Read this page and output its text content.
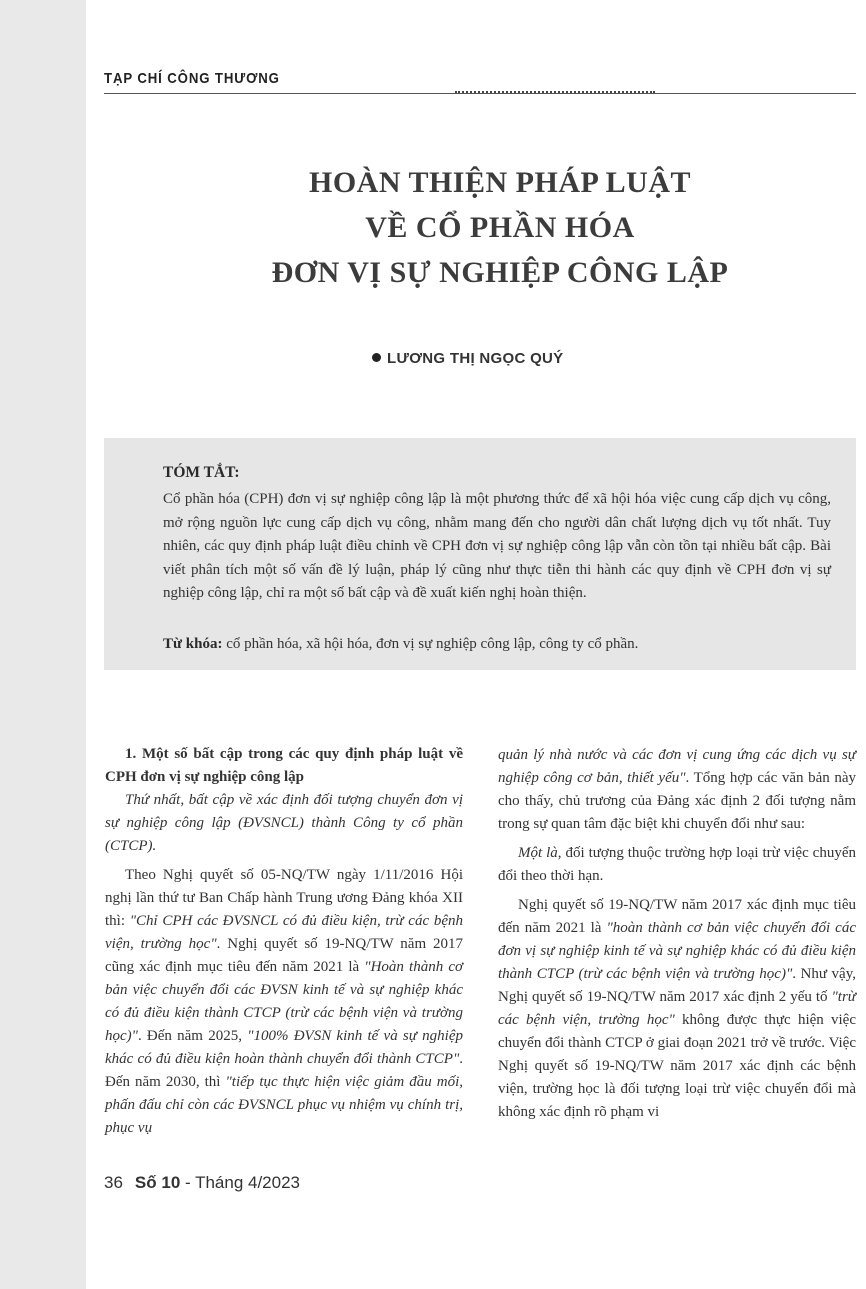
TẠP CHÍ CÔNG THƯƠNG
HOÀN THIỆN PHÁP LUẬT
VỀ CỔ PHẦN HÓA
ĐƠN VỊ SỰ NGHIỆP CÔNG LẬP
LƯƠNG THỊ NGỌC QUÝ
TÓM TẮT:

Cổ phần hóa (CPH) đơn vị sự nghiệp công lập là một phương thức để xã hội hóa việc cung cấp dịch vụ công, mở rộng nguồn lực cung cấp dịch vụ công, nhằm mang đến cho người dân chất lượng dịch vụ tốt nhất. Tuy nhiên, các quy định pháp luật điều chỉnh về CPH đơn vị sự nghiệp công lập vẫn còn tồn tại nhiều bất cập. Bài viết phân tích một số vấn đề lý luận, pháp lý cũng như thực tiễn thi hành các quy định về CPH đơn vị sự nghiệp công lập, chỉ ra một số bất cập và đề xuất kiến nghị hoàn thiện.

Từ khóa: cổ phần hóa, xã hội hóa, đơn vị sự nghiệp công lập, công ty cổ phần.

1. Một số bất cập trong các quy định pháp luật về CPH đơn vị sự nghiệp công lập

Thứ nhất, bất cập về xác định đối tượng chuyển đơn vị sự nghiệp công lập (ĐVSNCL) thành Công ty cổ phần (CTCP).

Theo Nghị quyết số 05-NQ/TW ngày 1/11/2016 Hội nghị lần thứ tư Ban Chấp hành Trung ương Đảng khóa XII thì: "Chỉ CPH các ĐVSNCL có đủ điều kiện, trừ các bệnh viện, trường học". Nghị quyết số 19-NQ/TW năm 2017 cũng xác định mục tiêu đến năm 2021 là "Hoàn thành cơ bản việc chuyển đổi các ĐVSN kinh tế và sự nghiệp khác có đủ điều kiện thành CTCP (trừ các bệnh viện và trường học)". Đến năm 2025, "100% ĐVSN kinh tế và sự nghiệp khác có đủ điều kiện hoàn thành chuyển đổi thành CTCP". Đến năm 2030, thì "tiếp tục thực hiện việc giảm đầu mối, phấn đấu chỉ còn các ĐVSNCL phục vụ nhiệm vụ chính trị, phục vụ

quản lý nhà nước và các đơn vị cung ứng các dịch vụ sự nghiệp công cơ bản, thiết yếu". Tổng hợp các văn bản này cho thấy, chủ trương của Đảng xác định 2 đối tượng nằm trong sự quan tâm đặc biệt khi chuyển đổi như sau:

Một là, đối tượng thuộc trường hợp loại trừ việc chuyển đổi theo thời hạn.

Nghị quyết số 19-NQ/TW năm 2017 xác định mục tiêu đến năm 2021 là "hoàn thành cơ bản việc chuyển đổi các đơn vị sự nghiệp kinh tế và sự nghiệp khác có đủ điều kiện thành CTCP (trừ các bệnh viện và trường học)". Như vậy, Nghị quyết số 19-NQ/TW năm 2017 xác định 2 yếu tố "trừ các bệnh viện, trường học" không được thực hiện việc chuyển đổi thành CTCP ở giai đoạn 2021 trở về trước. Việc Nghị quyết số 19-NQ/TW năm 2017 xác định các bệnh viện, trường học là đối tượng loại trừ việc chuyển đổi mà không xác định rõ phạm vi

36 Số 10 - Tháng 4/2023
